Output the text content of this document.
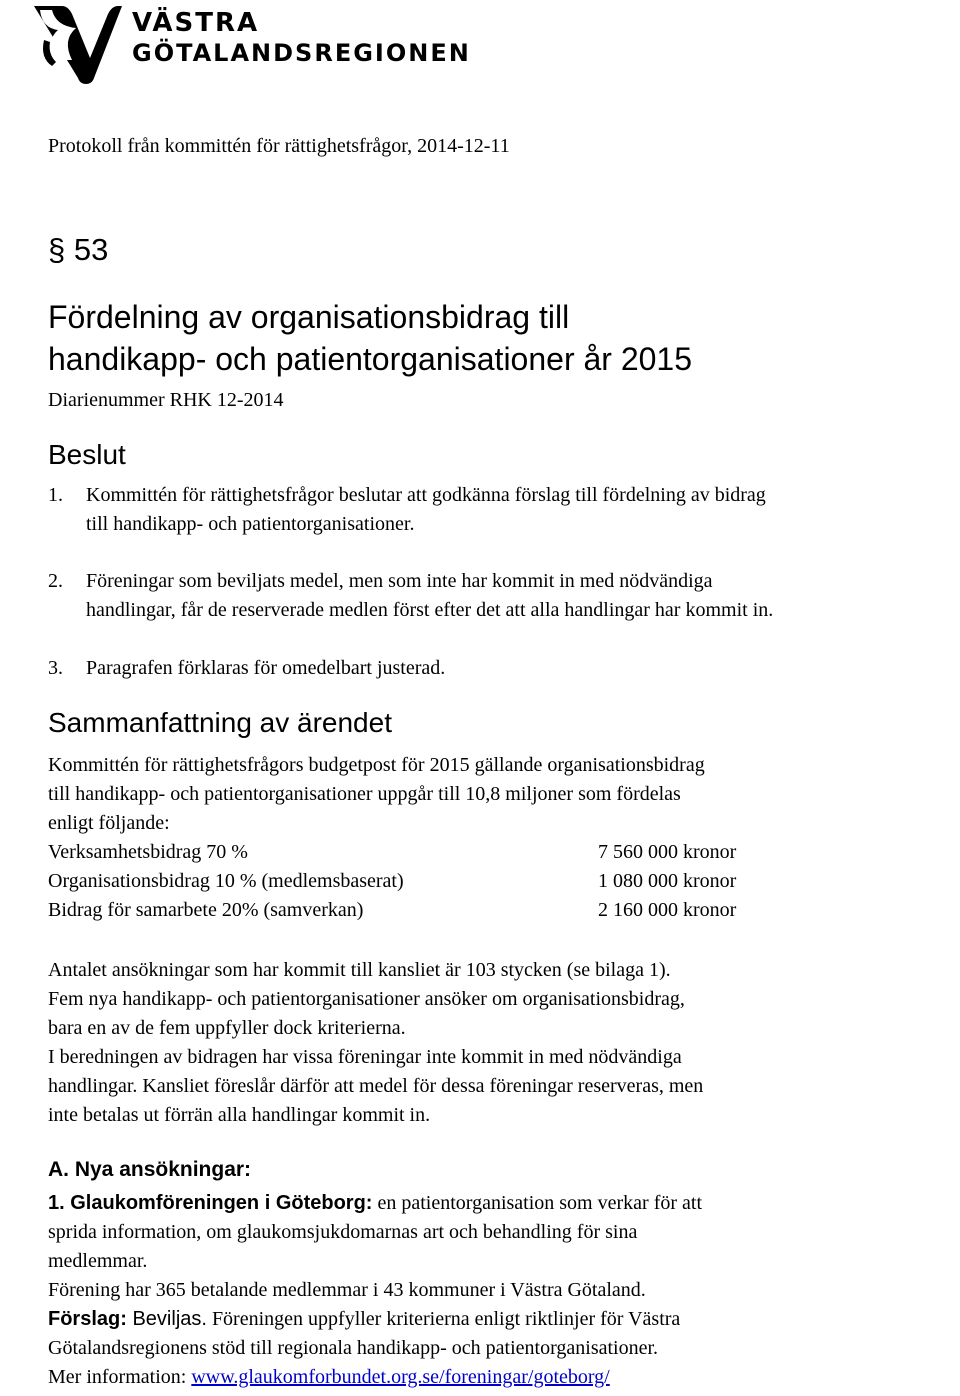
VÄSTRA
GÖTALANDSREGIONEN
Protokoll från kommittén för rättighetsfrågor, 2014-12-11
§ 53
Fördelning av organisationsbidrag till
handikapp- och patientorganisationer år 2015
Diarienummer RHK 12-2014
Beslut
1. Kommittén för rättighetsfrågor beslutar att godkänna förslag till fördelning av bidrag
till handikapp- och patientorganisationer.
2. Föreningar som beviljats medel, men som inte har kommit in med nödvändiga
handlingar, får de reserverade medlen först efter det att alla handlingar har kommit in.
3. Paragrafen förklaras för omedelbart justerad.
Sammanfattning av ärendet
Kommittén för rättighetsfrågors budgetpost för 2015 gällande organisationsbidrag
till handikapp- och patientorganisationer uppgår till 10,8 miljoner som fördelas
enligt följande:
Verksamhetsbidrag 70 %	7 560 000 kronor
Organisationsbidrag 10 % (medlemsbaserat)	1 080 000 kronor
Bidrag för samarbete 20% (samverkan)	2 160 000 kronor
Antalet ansökningar som har kommit till kansliet är 103 stycken (se bilaga 1).
Fem nya handikapp- och patientorganisationer ansöker om organisationsbidrag,
bara en av de fem uppfyller dock kriterierna.
I beredningen av bidragen har vissa föreningar inte kommit in med nödvändiga
handlingar. Kansliet föreslår därför att medel för dessa föreningar reserveras, men
inte betalas ut förrän alla handlingar kommit in.
A. Nya ansökningar:
1. Glaukomföreningen i Göteborg: en patientorganisation som verkar för att
sprida information, om glaukomsjukdomarnas art och behandling för sina
medlemmar.
Förening har 365 betalande medlemmar i 43 kommuner i Västra Götaland.
Förslag: Beviljas. Föreningen uppfyller kriterierna enligt riktlinjer för Västra
Götalandsregionens stöd till regionala handikapp- och patientorganisationer.
Mer information: www.glaukomforbundet.org.se/foreningar/goteborg/
